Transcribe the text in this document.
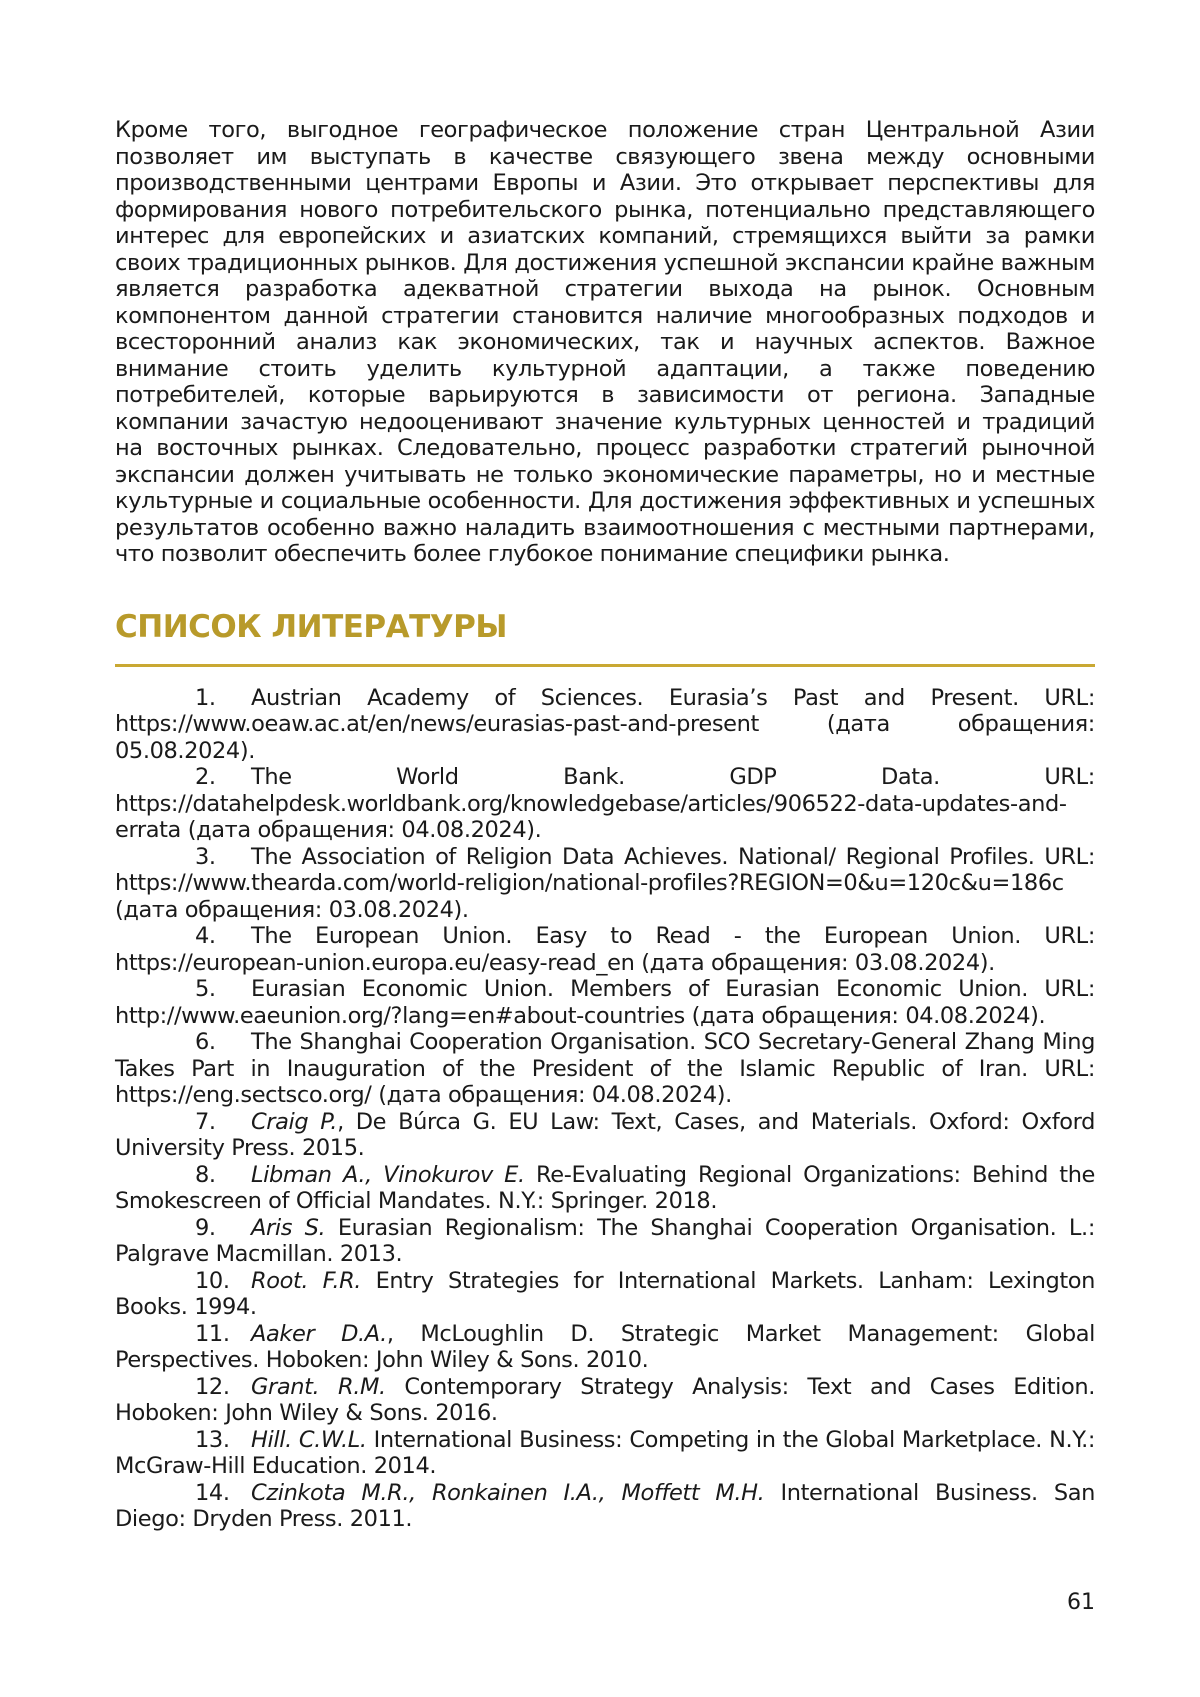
Кроме того, выгодное географическое положение стран Центральной Азии позволяет им выступать в качестве связующего звена между основными производственными центрами Европы и Азии. Это открывает перспективы для формирования нового потребительского рынка, потенциально представляющего интерес для европейских и азиатских компаний, стремящихся выйти за рамки своих традиционных рынков. Для достижения успешной экспансии крайне важным является разработка адекватной стратегии выхода на рынок. Основным компонентом данной стратегии становится наличие многообразных подходов и всесторонний анализ как экономических, так и научных аспектов. Важное внимание стоить уделить культурной адаптации, а также поведению потребителей, которые варьируются в зависимости от региона. Западные компании зачастую недооценивают значение культурных ценностей и традиций на восточных рынках. Следовательно, процесс разработки стратегий рыночной экспансии должен учитывать не только экономические параметры, но и местные культурные и социальные особенности. Для достижения эффективных и успешных результатов особенно важно наладить взаимоотношения с местными партнерами, что позволит обеспечить более глубокое понимание специфики рынка.

СПИСОК ЛИТЕРАТУРЫ
1. Austrian Academy of Sciences. Eurasia’s Past and Present. URL: https://www.oeaw.ac.at/en/news/eurasias-past-and-present (дата обращения: 05.08.2024).
2. The World Bank. GDP Data. URL: https://datahelpdesk.worldbank.org/knowledgebase/articles/906522-data-updates-and-errata (дата обращения: 04.08.2024).
3. The Association of Religion Data Achieves. National/ Regional Profiles. URL: https://www.thearda.com/world-religion/national-profiles?REGION=0&u=120c&u=186c (дата обращения: 03.08.2024).
4. The European Union. Easy to Read - the European Union. URL: https://european-union.europa.eu/easy-read_en (дата обращения: 03.08.2024).
5. Eurasian Economic Union. Members of Eurasian Economic Union. URL: http://www.eaeunion.org/?lang=en#about-countries (дата обращения: 04.08.2024).
6. The Shanghai Cooperation Organisation. SCO Secretary-General Zhang Ming Takes Part in Inauguration of the President of the Islamic Republic of Iran. URL: https://eng.sectsco.org/ (дата обращения: 04.08.2024).
7. Craig P., De Búrca G. EU Law: Text, Cases, and Materials. Oxford: Oxford University Press. 2015.
8. Libman A., Vinokurov E. Re-Evaluating Regional Organizations: Behind the Smokescreen of Official Mandates. N.Y.: Springer. 2018.
9. Aris S. Eurasian Regionalism: The Shanghai Cooperation Organisation. L.: Palgrave Macmillan. 2013.
10. Root. F.R. Entry Strategies for International Markets. Lanham: Lexington Books. 1994.
11. Aaker D.A., McLoughlin D. Strategic Market Management: Global Perspectives. Hoboken: John Wiley & Sons. 2010.
12. Grant. R.M. Contemporary Strategy Analysis: Text and Cases Edition. Hoboken: John Wiley & Sons. 2016.
13. Hill. C.W.L. International Business: Competing in the Global Marketplace. N.Y.: McGraw-Hill Education. 2014.
14. Czinkota M.R., Ronkainen I.A., Moffett M.H. International Business. San Diego: Dryden Press. 2011.
61
